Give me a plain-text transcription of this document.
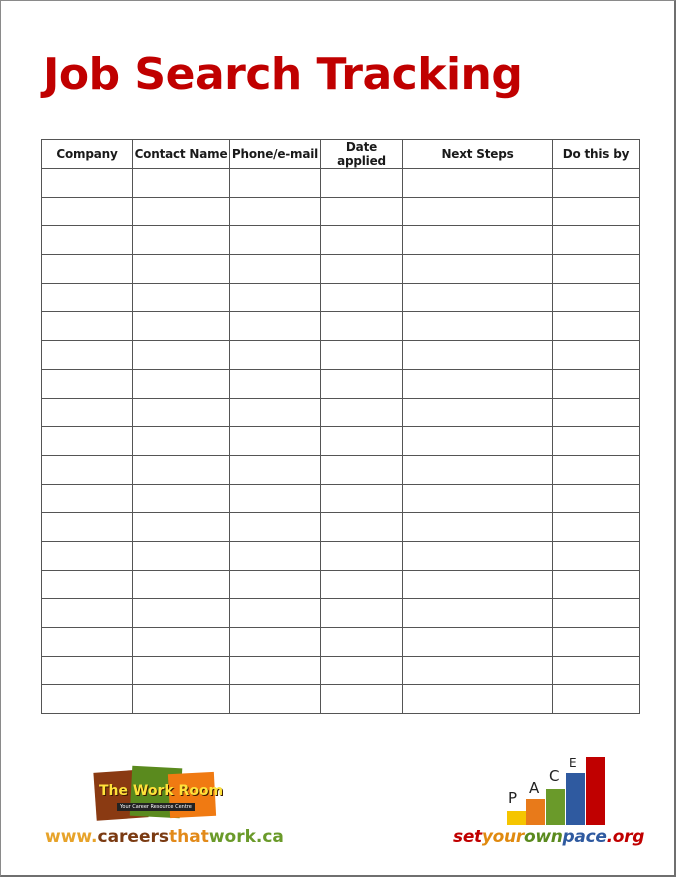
Job Search Tracking
Company	Contact Name	Phone/e-mail	Date applied	Next Steps	Do this by

The Work Room
Your Career Resource Centre
www.careersthatwork.ca
P
A
C
E
setyourownpace.org
